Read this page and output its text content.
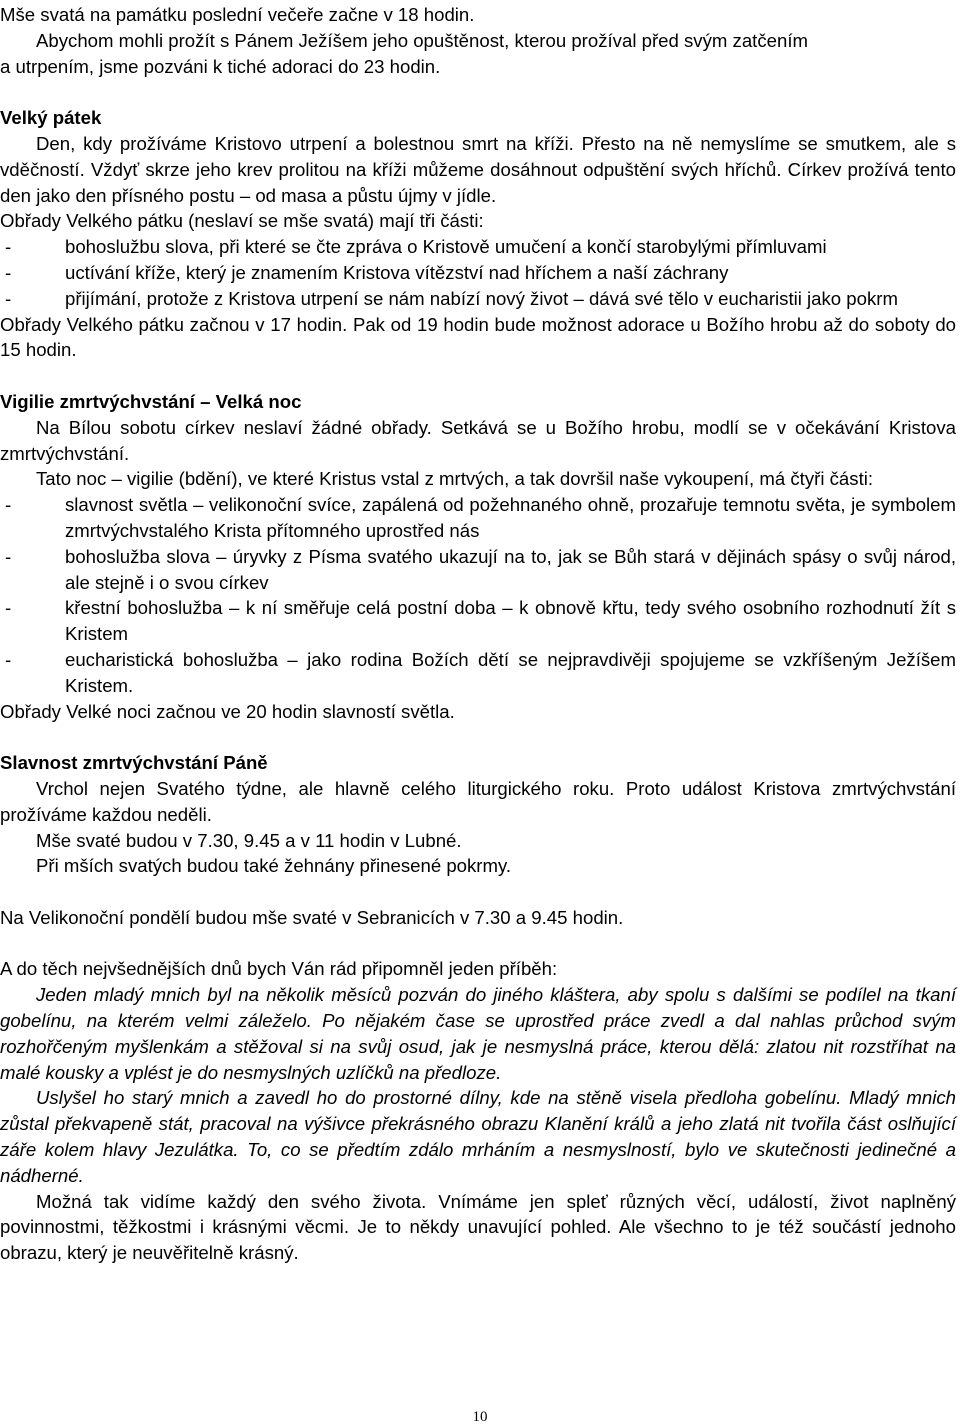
Mše svatá na památku poslední večeře začne v 18 hodin.

Abychom mohli prožít s Pánem Ježíšem jeho opuštěnost, kterou prožíval před svým zatčením

a utrpením, jsme pozváni k tiché adoraci do 23 hodin.

Velký pátek

Den, kdy prožíváme Kristovo utrpení a bolestnou smrt na kříži. Přesto na ně nemyslíme se smutkem, ale s vděčností. Vždyť skrze jeho krev prolitou na kříži můžeme dosáhnout odpuštění svých hříchů. Církev prožívá tento den jako den přísného postu – od masa a půstu újmy v jídle.

Obřady Velkého pátku (neslaví se mše svatá) mají tři části:

-	bohoslužbu slova, při které se čte zpráva o Kristově umučení a končí starobylými přímluvami
-	uctívání kříže, který je znamením Kristova vítězství nad hříchem a naší záchrany
-	přijímání, protože z Kristova utrpení se nám nabízí nový život – dává své tělo v eucharistii jako pokrm

Obřady Velkého pátku začnou v 17 hodin. Pak od 19 hodin bude možnost adorace u Božího hrobu až do soboty do 15 hodin.

Vigilie zmrtvýchvstání – Velká noc

Na Bílou sobotu církev neslaví žádné obřady. Setkává se u Božího hrobu, modlí se v očekávání Kristova zmrtvýchvstání.

Tato noc – vigilie (bdění), ve které Kristus vstal z mrtvých, a tak dovršil naše vykoupení, má čtyři části:

-	slavnost světla – velikonoční svíce, zapálená od požehnaného ohně, prozařuje temnotu světa, je symbolem zmrtvýchvstalého Krista přítomného uprostřed nás
-	bohoslužba slova – úryvky z Písma svatého ukazují na to, jak se Bůh stará v dějinách spásy o svůj národ, ale stejně i o svou církev
-	křestní bohoslužba – k ní směřuje celá postní doba – k obnově křtu, tedy svého osobního rozhodnutí žít s Kristem
-	eucharistická bohoslužba – jako rodina Božích dětí se nejpravdivěji spojujeme se vzkříšeným Ježíšem Kristem.

Obřady Velké noci začnou ve 20 hodin slavností světla.

Slavnost zmrtvýchvstání Páně

Vrchol nejen Svatého týdne, ale hlavně celého liturgického roku. Proto událost Kristova zmrtvýchvstání prožíváme každou neděli.

Mše svaté budou v 7.30, 9.45 a v 11 hodin v Lubné.

Při mších svatých budou také žehnány přinesené pokrmy.

Na Velikonoční pondělí budou mše svaté v Sebranicích v 7.30 a 9.45 hodin.

A do těch nejvšednějších dnů bych Ván rád připomněl jeden příběh:

Jeden mladý mnich byl na několik měsíců pozván do jiného kláštera, aby spolu s dalšími se podílel na tkaní gobelínu, na kterém velmi záleželo. Po nějakém čase se uprostřed práce zvedl a dal nahlas průchod svým rozhořčeným myšlenkám a stěžoval si na svůj osud, jak je nesmyslná práce, kterou dělá: zlatou nit rozstříhat na malé kousky a vplést je do nesmyslných uzlíčků na předloze.

Uslyšel ho starý mnich a zavedl ho do prostorné dílny, kde na stěně visela předloha gobelínu. Mladý mnich zůstal překvapeně stát, pracoval na výšivce překrásného obrazu Klanění králů a jeho zlatá nit tvořila část oslňující záře kolem hlavy Jezulátka. To, co se předtím zdálo mrháním a nesmyslností, bylo ve skutečnosti jedinečné a nádherné.

Možná tak vidíme každý den svého života. Vnímáme jen spleť různých věcí, událostí, život naplněný povinnostmi, těžkostmi i krásnými věcmi. Je to někdy unavující pohled. Ale všechno to je též součástí jednoho obrazu, který je neuvěřitelně krásný.

10
